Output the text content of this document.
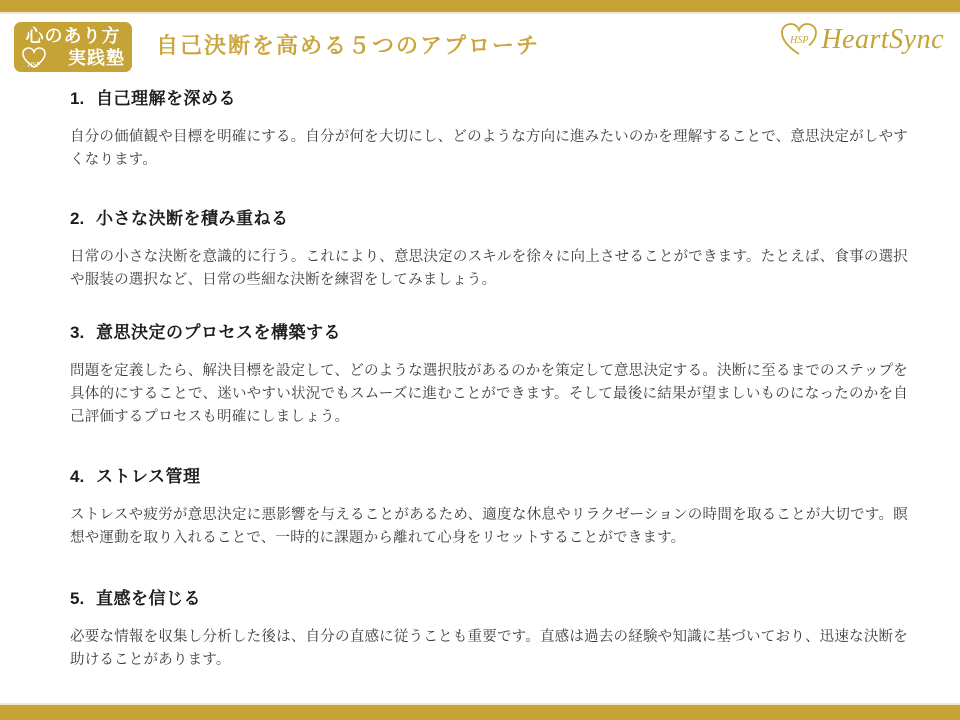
心のあり方
HSP	実践塾 自己決断を高める５つのアプローチ	HSP HeartSync
1. 自己理解を深める
自分の価値観や目標を明確にする。自分が何を大切にし、どのような方向に進みたいのかを理解することで、意思決定がしやすくなります。
2. 小さな決断を積み重ねる
日常の小さな決断を意識的に行う。これにより、意思決定のスキルを徐々に向上させることができます。たとえば、食事の選択や服装の選択など、日常の些細な決断を練習をしてみましょう。
3. 意思決定のプロセスを構築する
問題を定義したら、解決目標を設定して、どのような選択肢があるのかを策定して意思決定する。決断に至るまでのステップを具体的にすることで、迷いやすい状況でもスムーズに進むことができます。そして最後に結果が望ましいものになったのかを自己評価するプロセスも明確にしましょう。
4. ストレス管理
ストレスや疲労が意思決定に悪影響を与えることがあるため、適度な休息やリラクゼーションの時間を取ることが大切です。瞑想や運動を取り入れることで、一時的に課題から離れて心身をリセットすることができます。
5. 直感を信じる
必要な情報を収集し分析した後は、自分の直感に従うことも重要です。直感は過去の経験や知識に基づいており、迅速な決断を助けることがあります。
